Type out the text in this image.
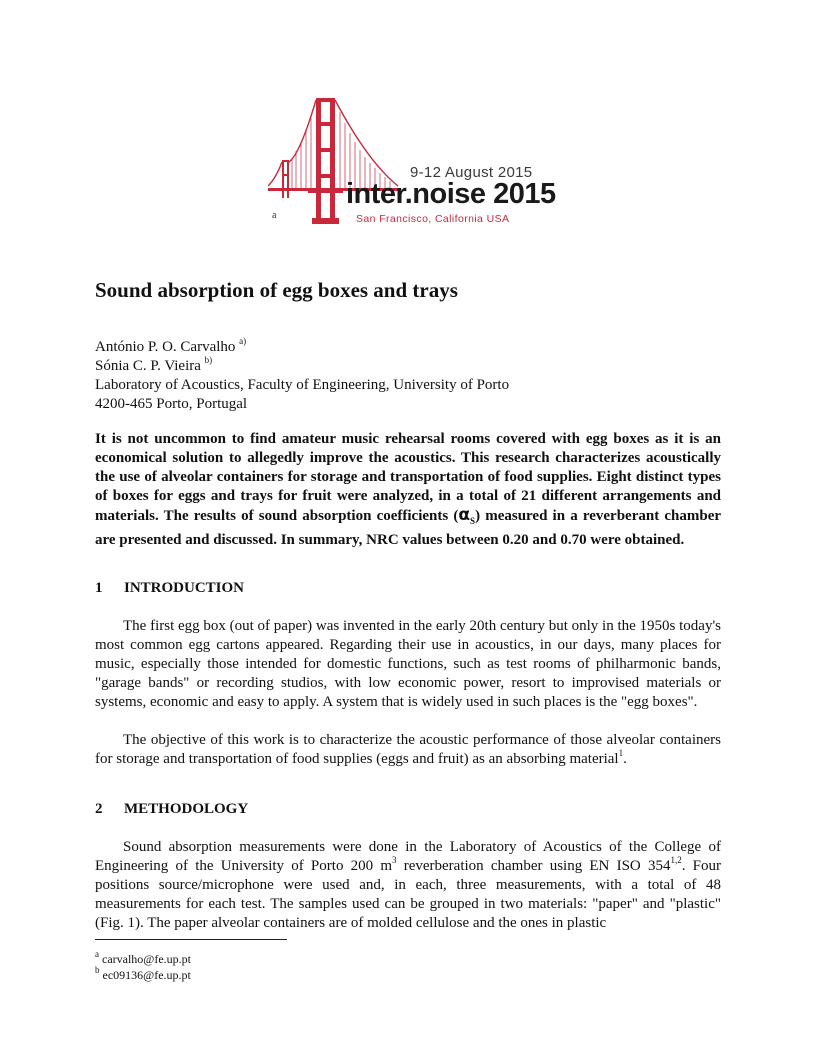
9-12 August 2015
inter.noise 2015
San Francisco, California USA
a
Sound absorption of egg boxes and trays
António P. O. Carvalho $^{a)}$
Sónia C. P. Vieira $^{b)}$
Laboratory of Acoustics, Faculty of Engineering, University of Porto
4200-465 Porto, Portugal

It is not uncommon to find amateur music rehearsal rooms covered with egg boxes as it is an economical solution to allegedly improve the acoustics. This research characterizes acoustically the use of alveolar containers for storage and transportation of food supplies. Eight distinct types of boxes for eggs and trays for fruit were analyzed, in a total of 21 different arrangements and materials. The results of sound absorption coefficients $(\alpha_S)$ measured in a reverberant chamber are presented and discussed. In summary, NRC values between 0.20 and 0.70 were obtained.

1 INTRODUCTION

The first egg box (out of paper) was invented in the early 20th century but only in the 1950s today's most common egg cartons appeared. Regarding their use in acoustics, in our days, many places for music, especially those intended for domestic functions, such as test rooms of philharmonic bands, "garage bands" or recording studios, with low economic power, resort to improvised materials or systems, economic and easy to apply. A system that is widely used in such places is the "egg boxes".

The objective of this work is to characterize the acoustic performance of those alveolar containers for storage and transportation of food supplies (eggs and fruit) as an absorbing material$^1$.

2 METHODOLOGY

Sound absorption measurements were done in the Laboratory of Acoustics of the College of Engineering of the University of Porto 200 $m^3$ reverberation chamber using EN ISO 354$^{1,2}$. Four positions source/microphone were used and, in each, three measurements, with a total of 48 measurements for each test. The samples used can be grouped in two materials: "paper" and "plastic" (Fig. 1). The paper alveolar containers are of molded cellulose and the ones in plastic

$^a$ carvalho@fe.up.pt
$^b$ ec09136@fe.up.pt
